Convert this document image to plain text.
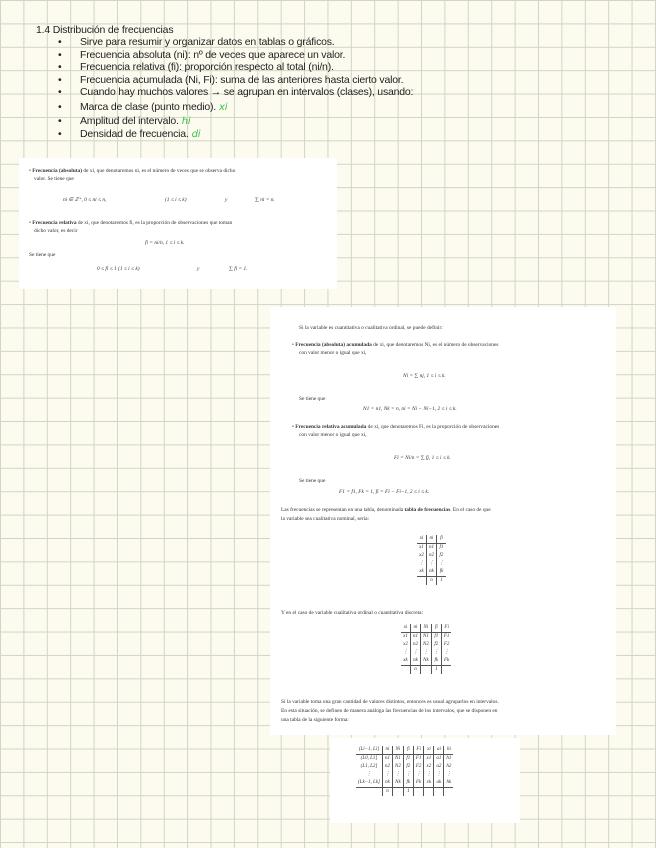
1.4 Distribución de frecuencias
• Sirve para resumir y organizar datos en tablas o gráficos.
• Frecuencia absoluta (ni): nº de veces que aparece un valor.
• Frecuencia relativa (fi): proporción respecto al total (ni/n).
• Frecuencia acumulada (Ni, Fi): suma de las anteriores hasta cierto valor.
• Cuando hay muchos valores → se agrupan en intervalos (clases), usando:
• Marca de clase (punto medio). xi
• Amplitud del intervalo. hi
• Densidad de frecuencia. di
• Frecuencia (absoluta) de xi, que denotaremos ni, es el número de veces que se observa dicho
valor. Se tiene que
ni ∈ ℤ⁺, 0 ≤ ni ≤ n,	(1 ≤ i ≤ k)	y	∑ ni = n.
• Frecuencia relativa de xi, que denotaremos fi, es la proporción de observaciones que toman
dicho valor, es decir
fi = ni/n, 1 ≤ i ≤ k.
Se tiene que
0 ≤ fi ≤ 1 (1 ≤ i ≤ k)	y	∑ fi = 1.
Si la variable es cuantitativa o cualitativa ordinal, se puede definir:
• Frecuencia (absoluta) acumulada de xi, que denotaremos Ni, es el número de observaciones
con valor menor o igual que xi,
Ni = ∑ nj, 1 ≤ i ≤ k.
Se tiene que
N1 = n1, Nk = n, ni = Ni − Ni−1, 2 ≤ i ≤ k.
• Frecuencia relativa acumulada de xi, que denotaremos Fi, es la proporción de observaciones
con valor menor o igual que xi,
Fi = Ni/n = ∑ fj, 1 ≤ i ≤ k.
Se tiene que
F1 = f1, Fk = 1, fi = Fi − Fi−1, 2 ≤ i ≤ k.
Las frecuencias se representan en una tabla, denominada tabla de frecuencias. En el caso de que
la variable sea cualitativa nominal, sería:
xi	ni	fi
x1	n1	f1
x2	n2	f2
⋮	⋮	⋮
xk	nk	fk
	n	1
Y en el caso de variable cualitativa ordinal o cuantitativa discreta:
xi	ni	Ni	fi	Fi
x1	n1	N1	f1	F1
x2	n2	N2	f2	F2
⋮	⋮	⋮	⋮	⋮
xk	nk	Nk	fk	Fk
	n		1	
Si la variable toma una gran cantidad de valores distintos, entonces es usual agruparlos en intervalos.
En esta situación, se definen de manera análoga las frecuencias de los intervalos, que se disponen en
una tabla de la siguiente forma:
(Li−1, Li]	ni	Ni	fi	Fi	xi	ai	hi
(L0, L1]	n1	N1	f1	F1	x1	a1	h1
(L1, L2]	n2	N2	f2	F2	x2	a2	h2
⋮	⋮	⋮	⋮	⋮	⋮	⋮	⋮
(Lk−1, Lk]	nk	Nk	fk	Fk	xk	ak	hk
	n		1				
